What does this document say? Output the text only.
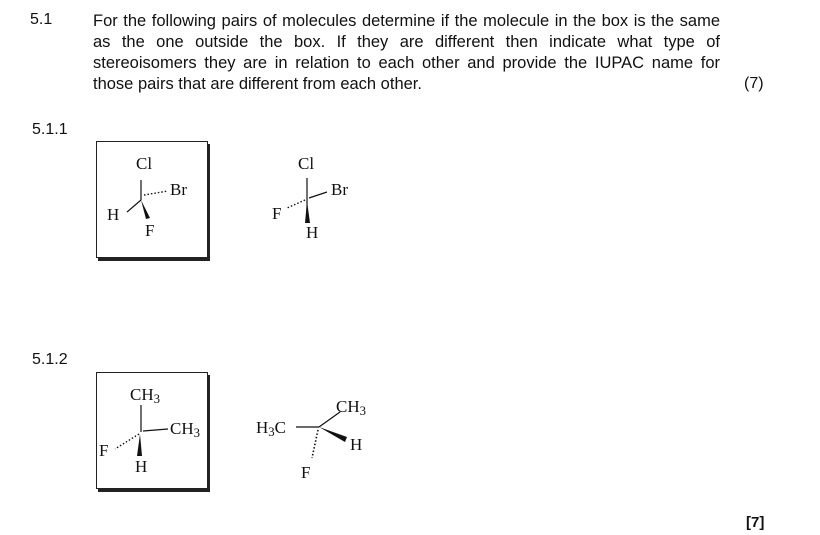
5.1 For the following pairs of molecules determine if the molecule in the box is the same as the one outside the box. If they are different then indicate what type of stereoisomers they are in relation to each other and provide the IUPAC name for those pairs that are different from each other.	(7)
5.1.1
Cl
Br
H
F
Cl
Br
F
H
5.1.2
$CH_3$
$CH_3$
F
H
$CH_3$
H
$H_3C$
F
[7]
